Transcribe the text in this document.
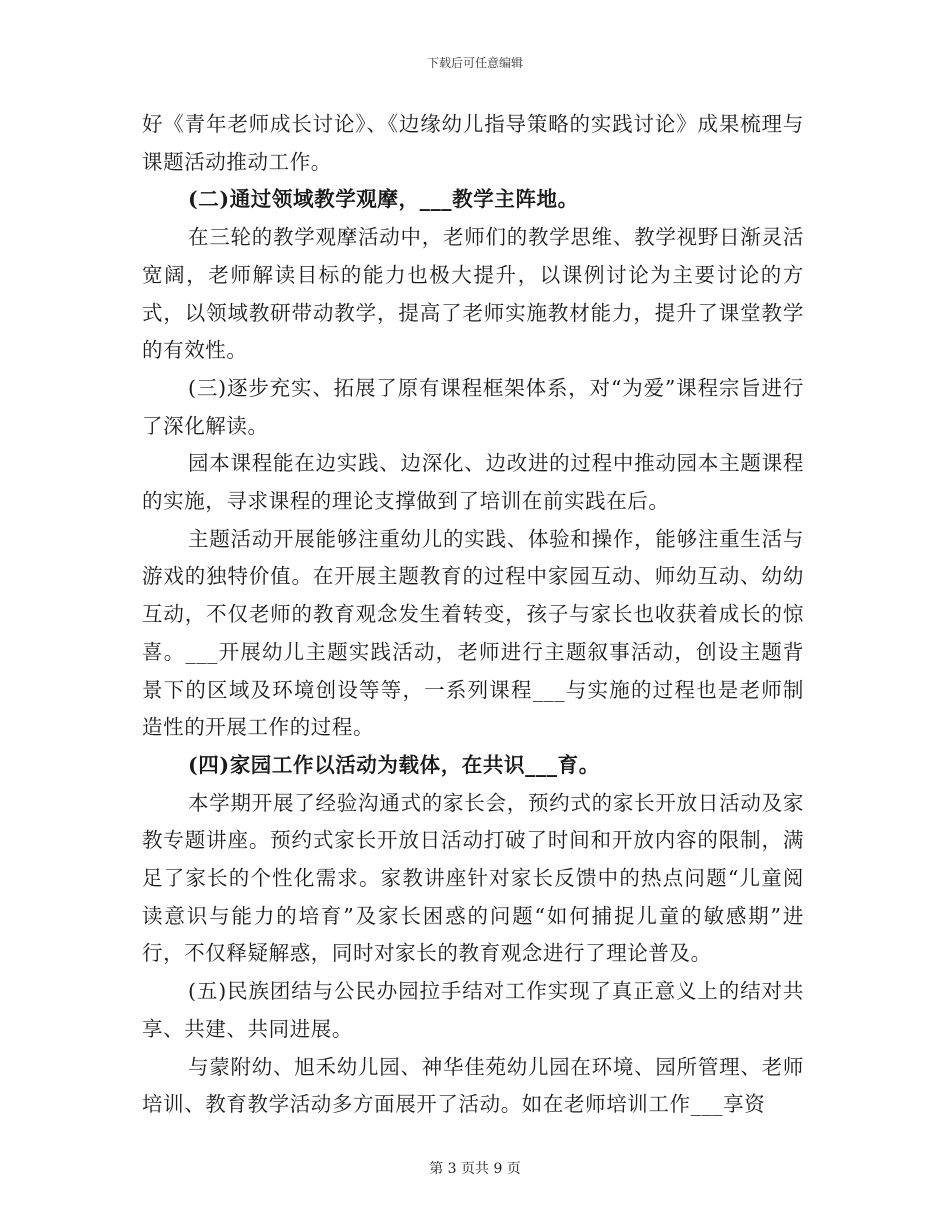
下载后可任意编辑

好《青年老师成长讨论》、《边缘幼儿指导策略的实践讨论》成果梳理与课题活动推动工作。

(二)通过领域教学观摩，___教学主阵地。

在三轮的教学观摩活动中，老师们的教学思维、教学视野日渐灵活宽阔，老师解读目标的能力也极大提升，以课例讨论为主要讨论的方式，以领域教研带动教学，提高了老师实施教材能力，提升了课堂教学的有效性。

(三)逐步充实、拓展了原有课程框架体系，对“为爱”课程宗旨进行了深化解读。

园本课程能在边实践、边深化、边改进的过程中推动园本主题课程的实施，寻求课程的理论支撑做到了培训在前实践在后。

主题活动开展能够注重幼儿的实践、体验和操作，能够注重生活与游戏的独特价值。在开展主题教育的过程中家园互动、师幼互动、幼幼互动，不仅老师的教育观念发生着转变，孩子与家长也收获着成长的惊喜。___开展幼儿主题实践活动，老师进行主题叙事活动，创设主题背景下的区域及环境创设等等，一系列课程___与实施的过程也是老师制造性的开展工作的过程。

(四)家园工作以活动为载体，在共识___育。

本学期开展了经验沟通式的家长会，预约式的家长开放日活动及家教专题讲座。预约式家长开放日活动打破了时间和开放内容的限制，满足了家长的个性化需求。家教讲座针对家长反馈中的热点问题“儿童阅读意识与能力的培育”及家长困惑的问题“如何捕捉儿童的敏感期”进行，不仅释疑解惑，同时对家长的教育观念进行了理论普及。

(五)民族团结与公民办园拉手结对工作实现了真正意义上的结对共享、共建、共同进展。

与蒙附幼、旭禾幼儿园、神华佳苑幼儿园在环境、园所管理、老师培训、教育教学活动多方面展开了活动。如在老师培训工作___享资

第 3 页共 9 页
